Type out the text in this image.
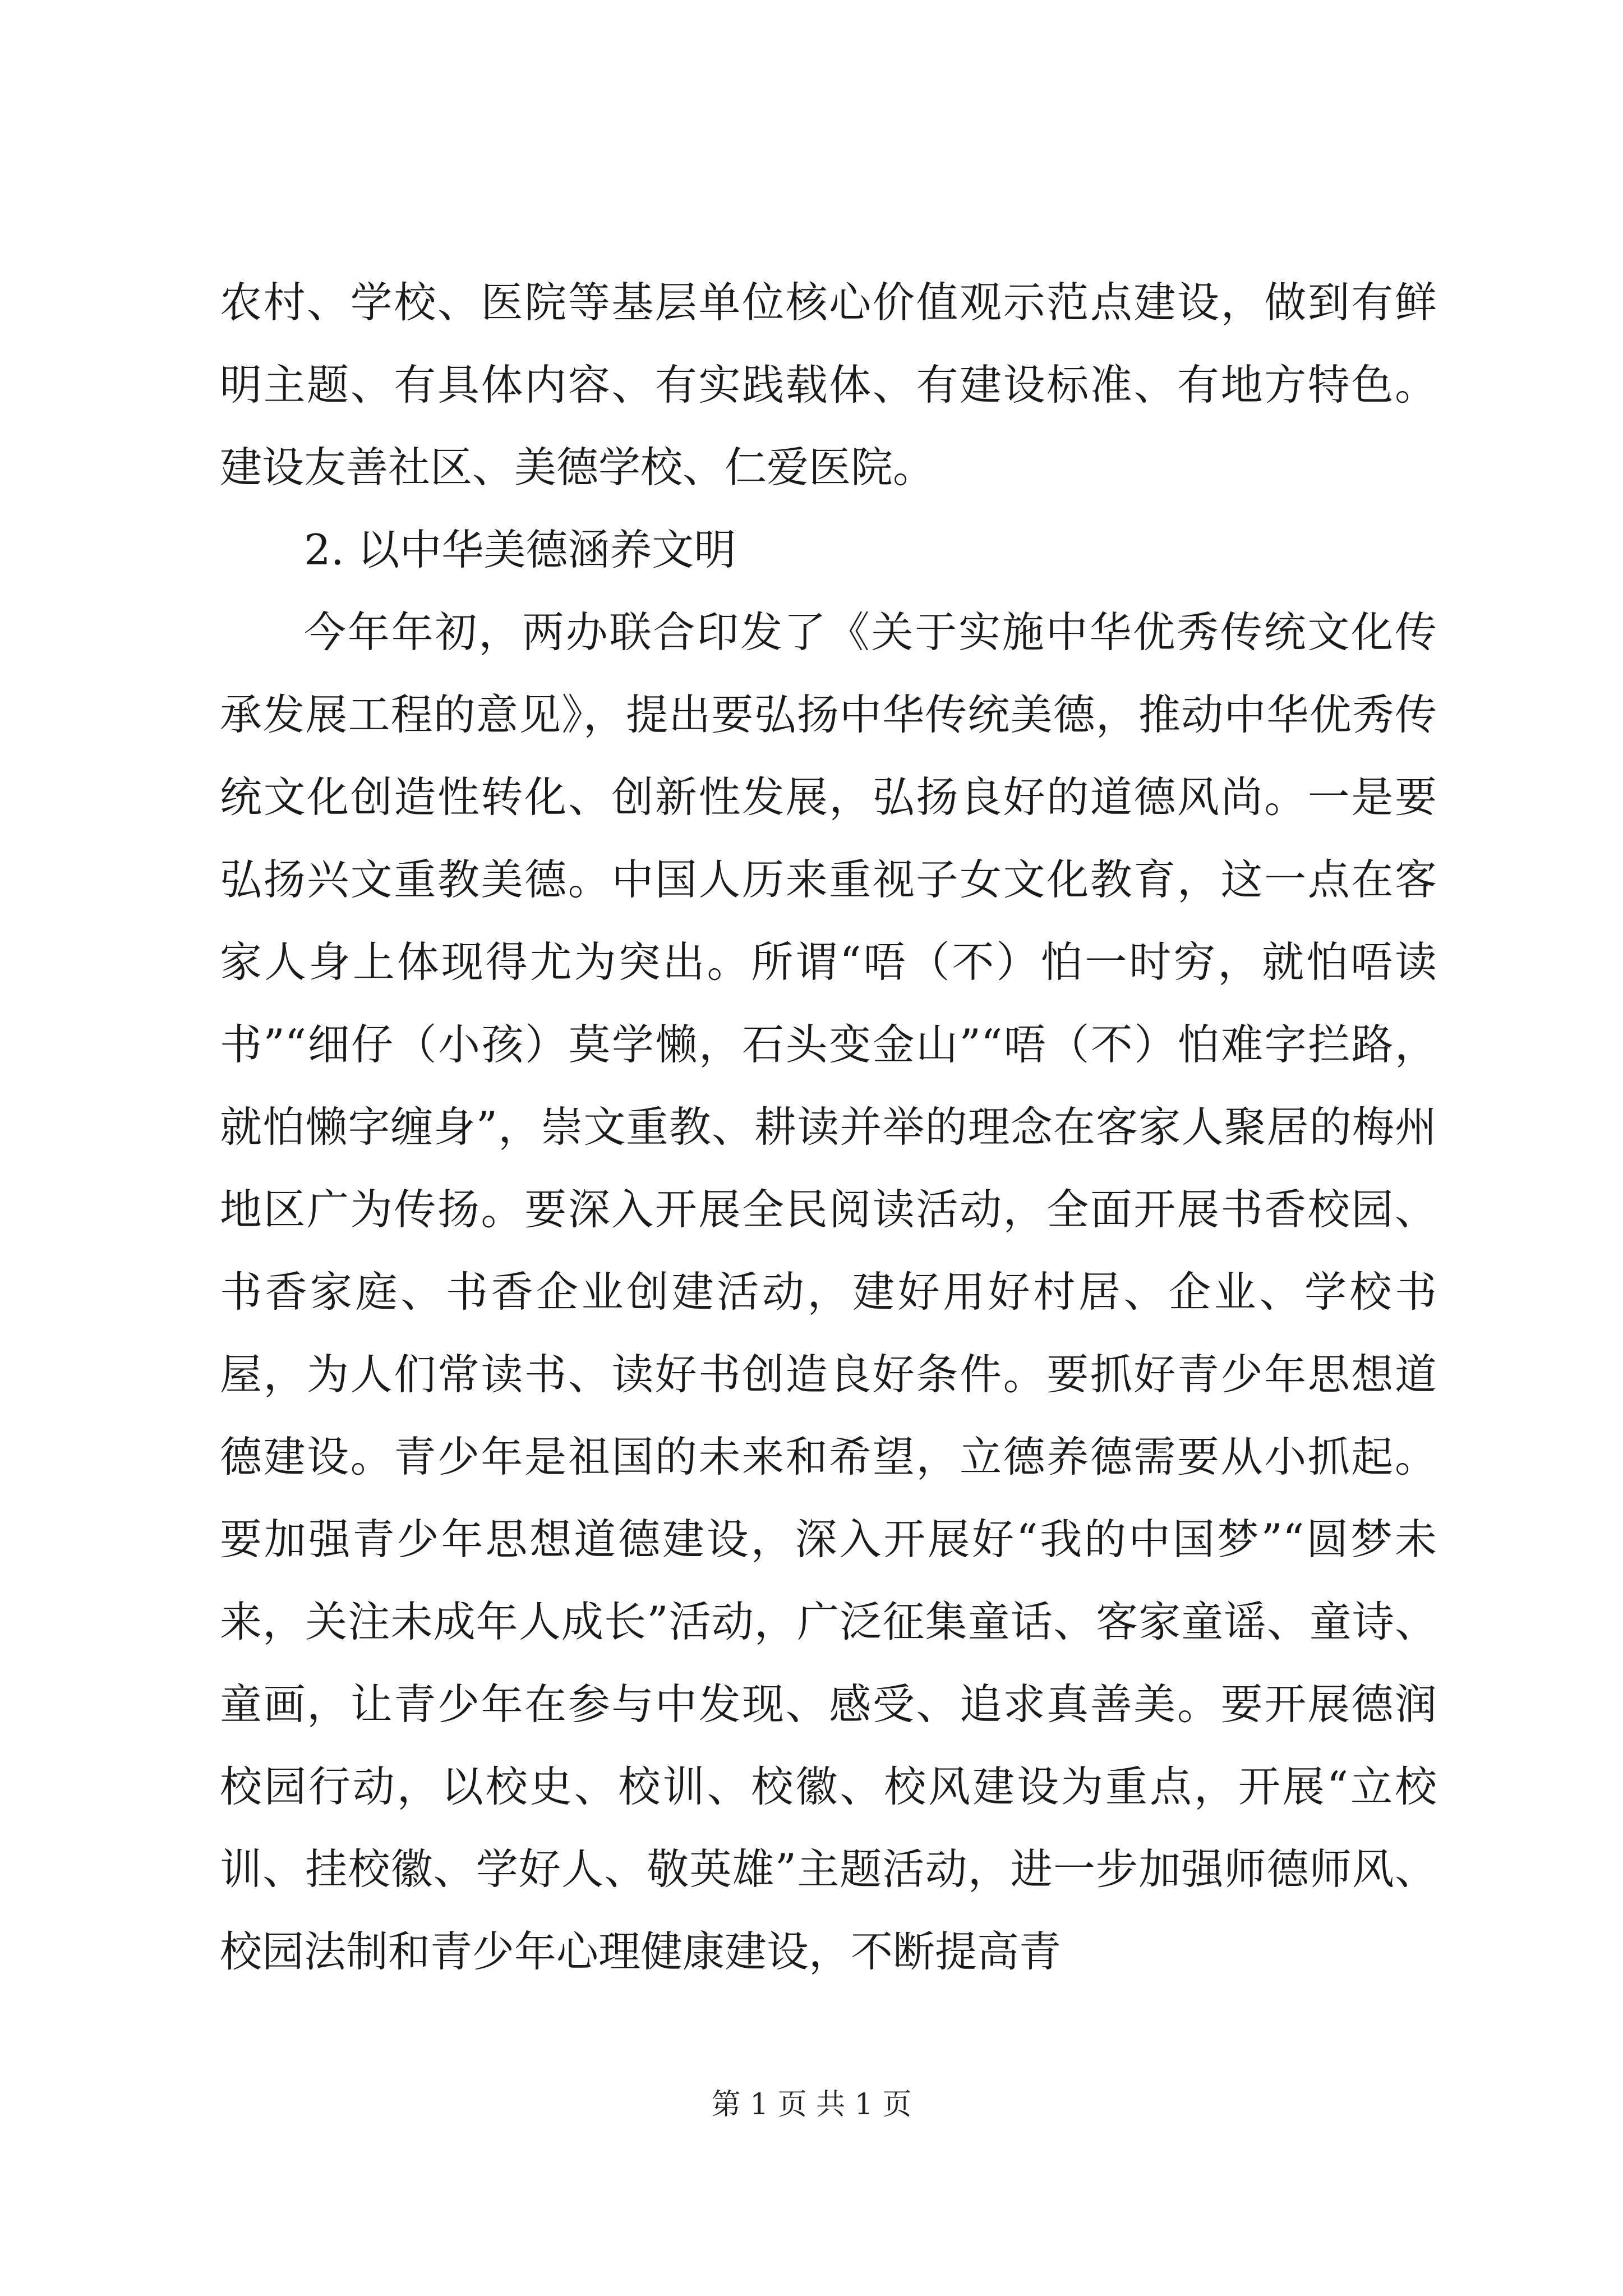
农村、学校、医院等基层单位核心价值观示范点建设，做到有鲜明主题、有具体内容、有实践载体、有建设标准、有地方特色。建设友善社区、美德学校、仁爱医院。

2. 以中华美德涵养文明

今年年初，两办联合印发了《关于实施中华优秀传统文化传承发展工程的意见》，提出要弘扬中华传统美德，推动中华优秀传统文化创造性转化、创新性发展，弘扬良好的道德风尚。一是要弘扬兴文重教美德。中国人历来重视子女文化教育，这一点在客家人身上体现得尤为突出。所谓“唔（不）怕一时穷，就怕唔读书”“细仔（小孩）莫学懒，石头变金山”“唔（不）怕难字拦路，就怕懒字缠身”，崇文重教、耕读并举的理念在客家人聚居的梅州地区广为传扬。要深入开展全民阅读活动，全面开展书香校园、书香家庭、书香企业创建活动，建好用好村居、企业、学校书屋，为人们常读书、读好书创造良好条件。要抓好青少年思想道德建设。青少年是祖国的未来和希望，立德养德需要从小抓起。要加强青少年思想道德建设，深入开展好“我的中国梦”“圆梦未来，关注未成年人成长”活动，广泛征集童话、客家童谣、童诗、童画，让青少年在参与中发现、感受、追求真善美。要开展德润校园行动，以校史、校训、校徽、校风建设为重点，开展“立校训、挂校徽、学好人、敬英雄”主题活动，进一步加强师德师风、校园法制和青少年心理健康建设，不断提高青

第 1 页 共 1 页
